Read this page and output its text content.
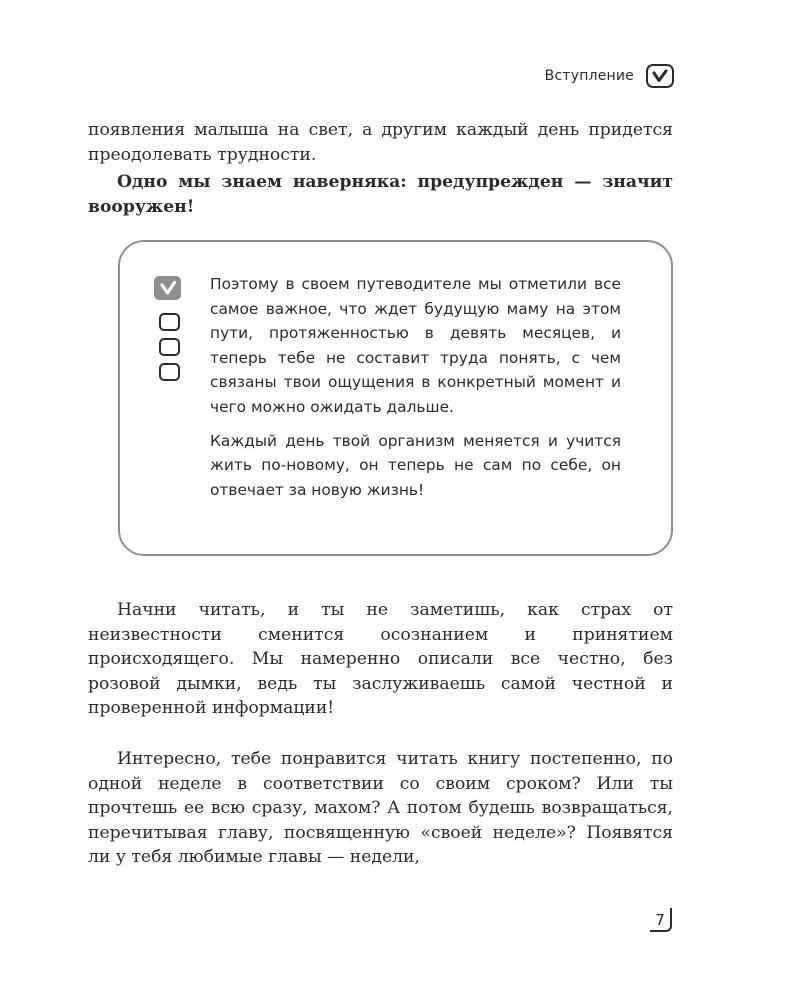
Вступление

появления малыша на свет, а другим каждый день придется преодолевать трудности.

Одно мы знаем наверняка: предупрежден — значит вооружен!

Поэтому в своем путеводителе мы отметили все самое важное, что ждет будущую маму на этом пути, протяженностью в девять месяцев, и теперь тебе не составит труда понять, с чем связаны твои ощущения в конкретный момент и чего можно ожидать дальше.

Каждый день твой организм меняется и учится жить по-новому, он теперь не сам по себе, он отвечает за новую жизнь!

Начни читать, и ты не заметишь, как страх от неизвестности сменится осознанием и принятием происходящего. Мы намеренно описали все честно, без розовой дымки, ведь ты заслуживаешь самой честной и проверенной информации!

Интересно, тебе понравится читать книгу постепенно, по одной неделе в соответствии со своим сроком? Или ты прочтешь ее всю сразу, махом? А потом будешь возвращаться, перечитывая главу, посвященную «своей неделе»? Появятся ли у тебя любимые главы — недели,

7
